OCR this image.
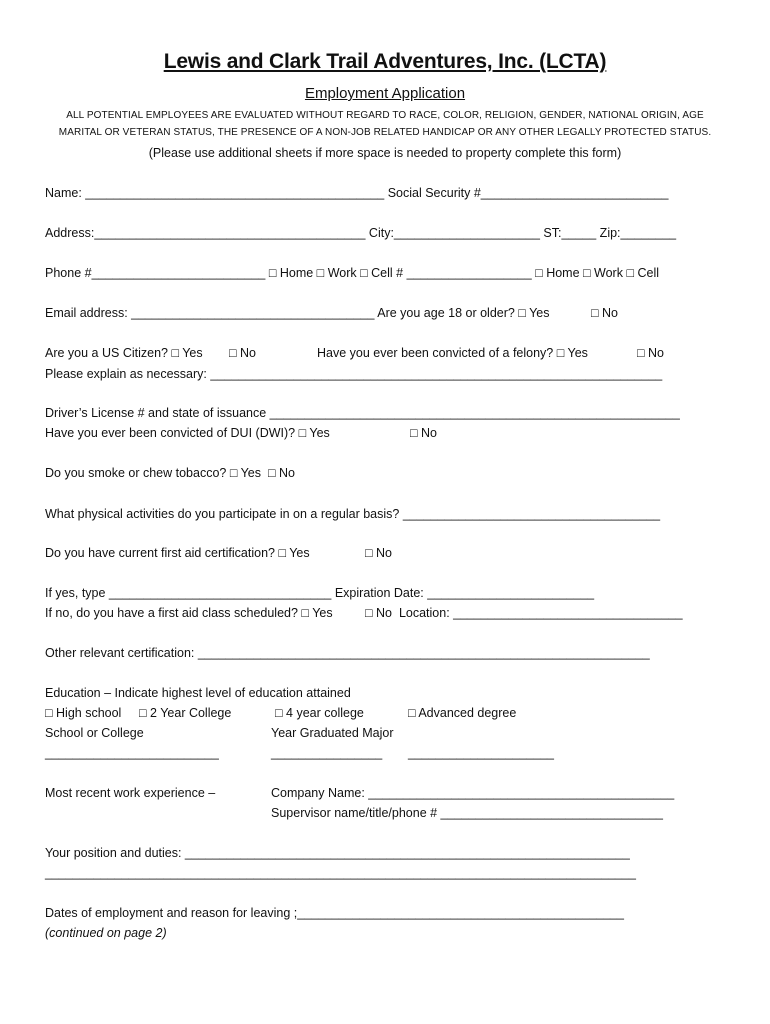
Lewis and Clark Trail Adventures, Inc. (LCTA)
Employment Application
ALL POTENTIAL EMPLOYEES ARE EVALUATED WITHOUT REGARD TO RACE, COLOR, RELIGION, GENDER, NATIONAL ORIGIN, AGE
MARITAL OR VETERAN STATUS, THE PRESENCE OF A NON-JOB RELATED HANDICAP OR ANY OTHER LEGALLY PROTECTED STATUS.
(Please use additional sheets if more space is needed to property complete this form)
Name: ___________________________________________ Social Security #___________________________
Address:_______________________________________ City:_____________________ ST:_____ Zip:________
Phone #_________________________ □ Home □ Work □ Cell # __________________ □ Home □ Work □ Cell
Email address: ___________________________________ Are you age 18 or older? □ Yes	□ No
Are you a US Citizen? □ Yes □ No	Have you ever been convicted of a felony? □ Yes	□ No
Please explain as necessary: _________________________________________________________________
Driver’s License # and state of issuance ___________________________________________________________
Have you ever been convicted of DUI (DWI)? □ Yes	□ No
Do you smoke or chew tobacco? □ Yes  □ No
What physical activities do you participate in on a regular basis? _____________________________________
Do you have current first aid certification? □ Yes	□ No
If yes, type ________________________________ Expiration Date: ________________________
If no, do you have a first aid class scheduled? □ Yes	□ No  Location: _________________________________
Other relevant certification: _________________________________________________________________
Education – Indicate highest level of education attained
□ High school □ 2 Year College	□ 4 year college	□ Advanced degree
School or College	Year Graduated Major
_________________________	________________ _____________________
Most recent work experience –	Company Name: ____________________________________________
Supervisor name/title/phone # ________________________________
Your position and duties: ________________________________________________________________
_____________________________________________________________________________________
Dates of employment and reason for leaving ;_______________________________________________
(continued on page 2)
